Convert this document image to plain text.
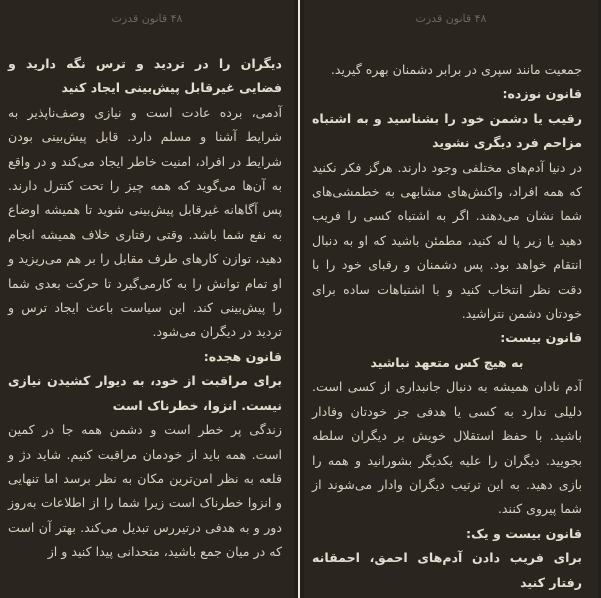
۴۸ قانون قدرت

دیگران را در تردید و ترس نگه دارید و فضایی غیرقابل پیش‌بینی ایجاد کنید

آدمی، برده عادت است و نیازی وصف‌ناپذیر به شرایط آشنا و مسلم دارد. قابل پیش‌بینی بودن شرایط در افراد، امنیت خاطر ایجاد می‌کند و در واقع به آن‌ها می‌گوید که همه چیز را تحت کنترل دارند. پس آگاهانه غیرقابل پیش‌بینی شوید تا همیشه اوضاع به نفع شما باشد. وقتی رفتاری خلاف همیشه انجام دهید، توازن کارهای طرف مقابل را بر هم می‌ریزید و او تمام توانش را به کارمی‌گیرد تا حرکت بعدی شما را پیش‌بینی کند. این سیاست باعث ایجاد ترس و تردید در دیگران می‌شود.

قانون هجده:

برای مراقبت از خود، به دیوار کشیدن نیازی نیست. انزوا، خطرناک است

زندگی پر خطر است و دشمن همه جا در کمین است. همه باید از خودمان مراقبت کنیم. شاید دژ و قلعه به نظر امن‌ترین مکان به نظر برسد اما تنهایی و انزوا خطرناک است زیرا شما را از اطلاعات به‌روز دور و به هدفی درتیررس تبدیل می‌کند. بهتر آن است که در میان جمع باشید، متحدانی پیدا کنید و از

۴۸ قانون قدرت

جمعیت مانند سپری در برابر دشمنان بهره گیرید.

قانون نوزده:

رقیب یا دشمن خود را بشناسید و به اشتباه مزاحم فرد دیگری نشوید

در دنیا آدم‌های مختلفی وجود دارند. هرگز فکر نکنید که همه افراد، واکنش‌های مشابهی به خطمشی‌های شما نشان می‌دهند. اگر به اشتباه کسی را فریب دهید یا زیر پا له کنید، مطمئن باشید که او به دنبال انتقام خواهد بود. پس دشمنان و رقبای خود را با دقت نظر انتخاب کنید و با اشتباهات ساده برای خودتان دشمن نتراشید.

قانون بیست:

به هیچ کس متعهد نباشید

آدم نادان همیشه به دنبال جانبداری از کسی است. دلیلی ندارد به کسی یا هدفی جز خودتان وفادار باشید. با حفظ استقلال خویش بر دیگران سلطه بجویید. دیگران را علیه یکدیگر بشورانید و همه را بازی دهید. به این ترتیب دیگران وادار می‌شوند از شما پیروی کنند.

قانون بیست و یک:

برای فریب دادن آدم‌های احمق، احمقانه رفتار کنید
